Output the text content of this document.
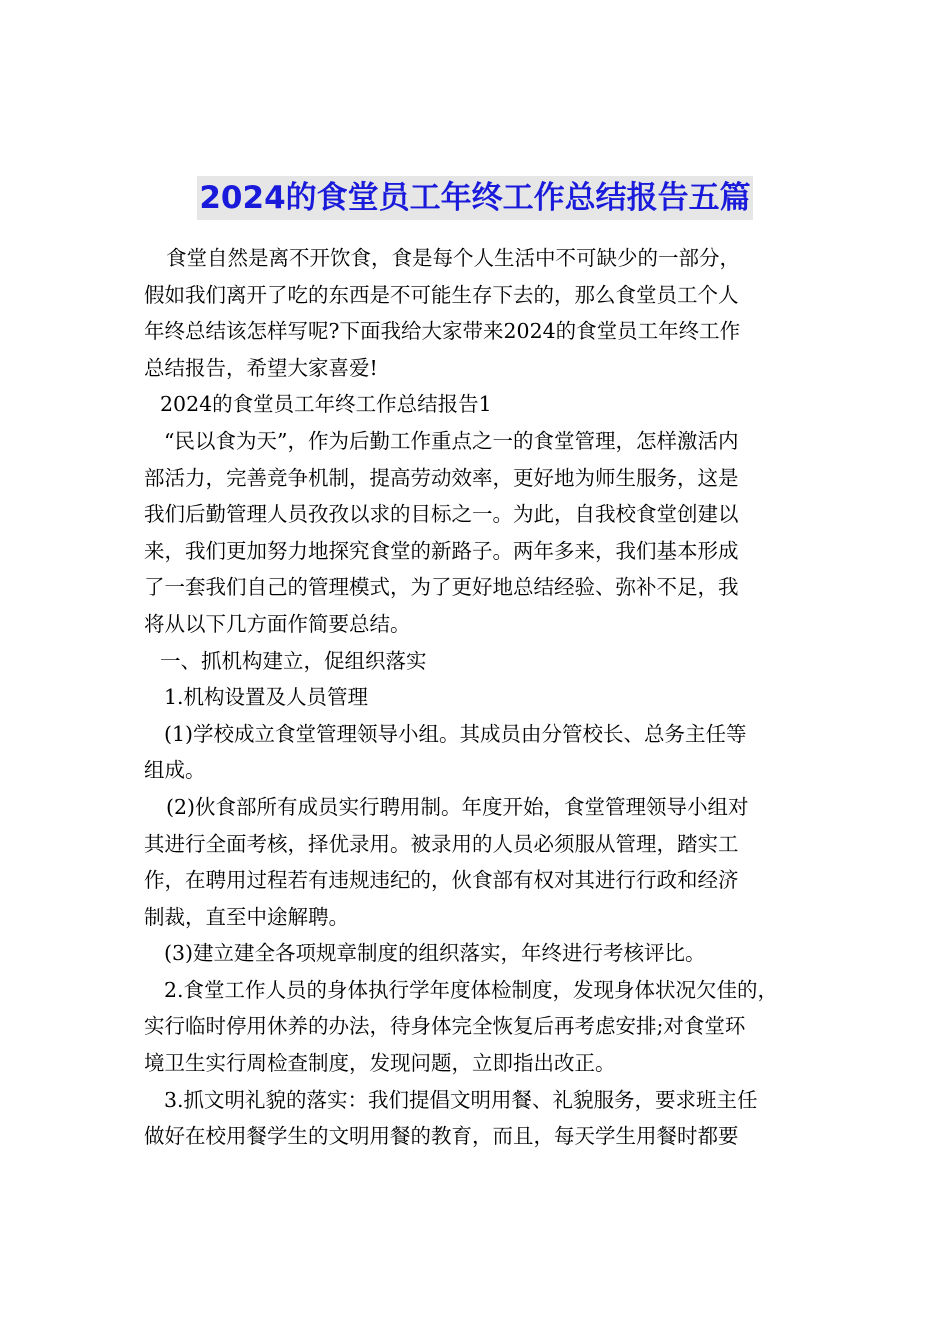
2024的食堂员工年终工作总结报告五篇
食堂自然是离不开饮食，食是每个人生活中不可缺少的一部分，
假如我们离开了吃的东西是不可能生存下去的，那么食堂员工个人
年终总结该怎样写呢?下面我给大家带来2024的食堂员工年终工作
总结报告，希望大家喜爱!
2024的食堂员工年终工作总结报告1
“民以食为天”，作为后勤工作重点之一的食堂管理，怎样激活内
部活力，完善竞争机制，提高劳动效率，更好地为师生服务，这是
我们后勤管理人员孜孜以求的目标之一。为此，自我校食堂创建以
来，我们更加努力地探究食堂的新路子。两年多来，我们基本形成
了一套我们自己的管理模式，为了更好地总结经验、弥补不足，我
将从以下几方面作简要总结。
一、抓机构建立，促组织落实
1.机构设置及人员管理
(1)学校成立食堂管理领导小组。其成员由分管校长、总务主任等
组成。
(2)伙食部所有成员实行聘用制。年度开始，食堂管理领导小组对
其进行全面考核，择优录用。被录用的人员必须服从管理，踏实工
作，在聘用过程若有违规违纪的，伙食部有权对其进行行政和经济
制裁，直至中途解聘。
(3)建立建全各项规章制度的组织落实，年终进行考核评比。
2.食堂工作人员的身体执行学年度体检制度，发现身体状况欠佳的，
实行临时停用休养的办法，待身体完全恢复后再考虑安排;对食堂环
境卫生实行周检查制度，发现问题，立即指出改正。
3.抓文明礼貌的落实：我们提倡文明用餐、礼貌服务，要求班主任
做好在校用餐学生的文明用餐的教育，而且，每天学生用餐时都要
